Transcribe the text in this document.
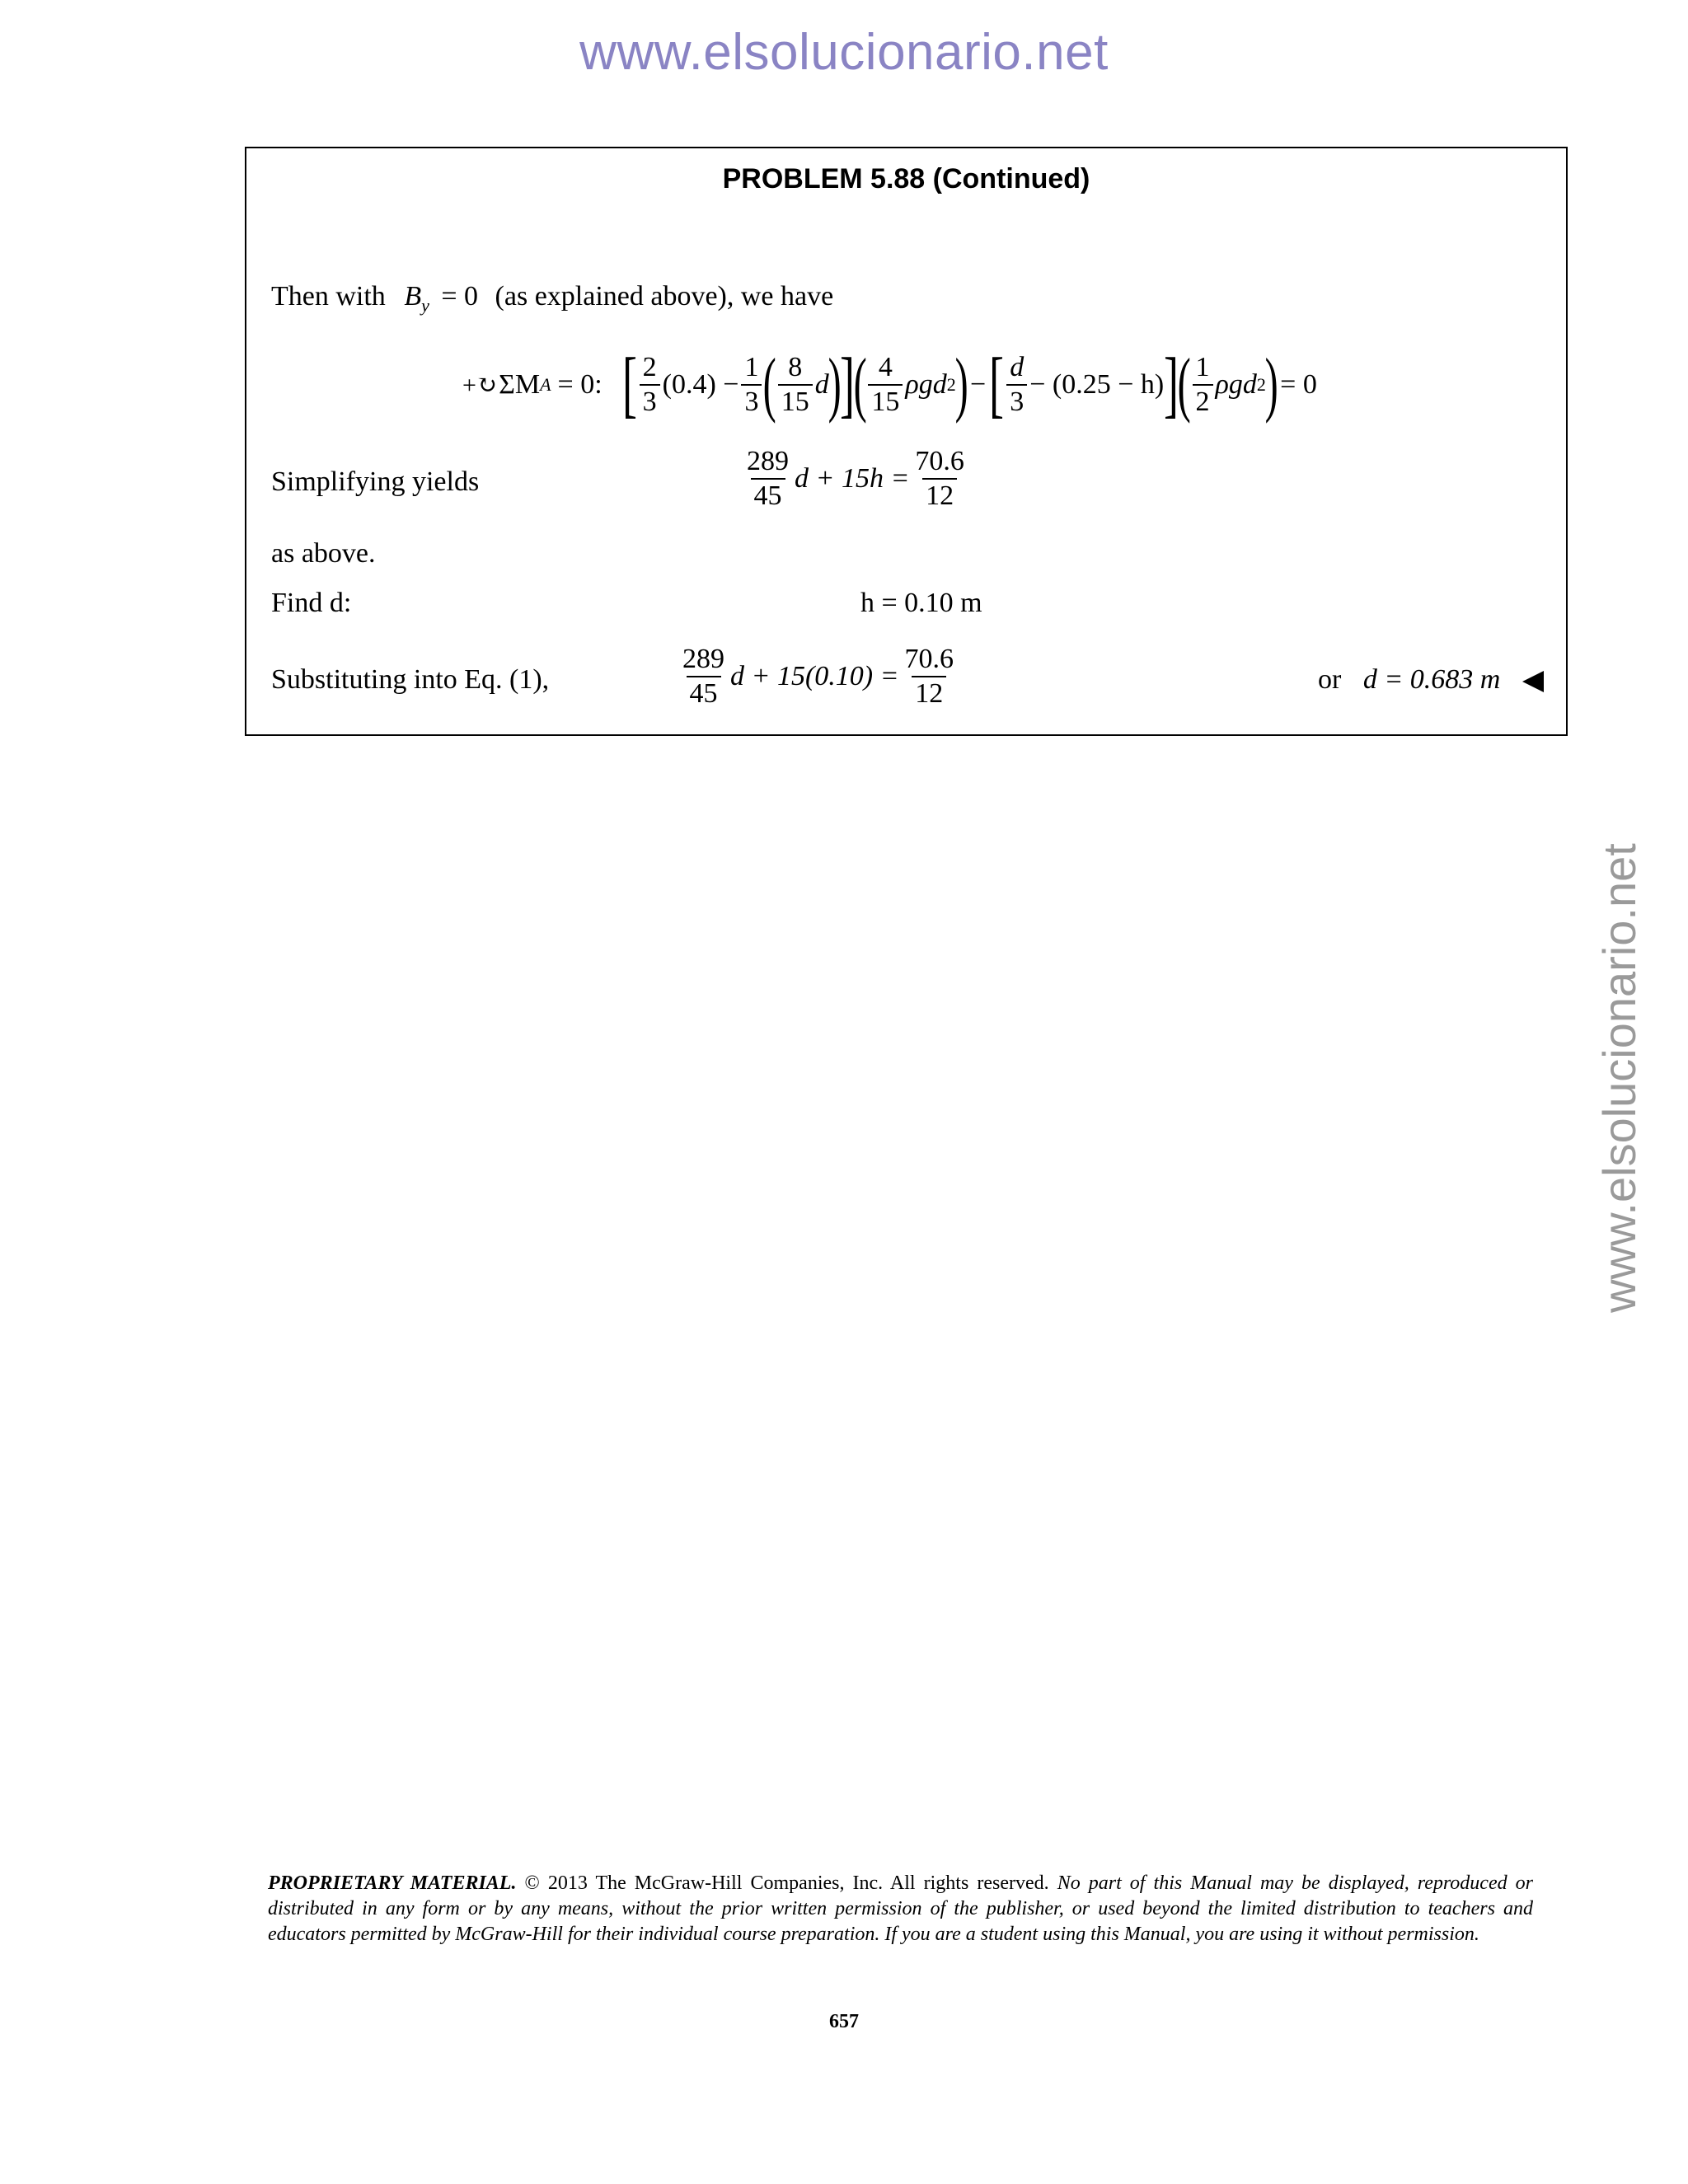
www.elsolucionario.net
www.elsolucionario.net
PROBLEM 5.88 (Continued)
Then with $B_y = 0$ (as explained above), we have
+↻ ΣM A = 0: [ $\frac{2}{3} (0.4) - \frac{1}{3}$ ( $\frac{8}{15}$ d
)
]
( $\frac{4}{15}$ ρgd 2
) − [ $\frac{d}{3} - (0.25 - h)$ ]
( $\frac{1}{2}$ ρgd 2
) = 0
Simplifying yields	$\frac{289}{45}$ $d + 15h = \frac{70.6}{12}$
as above.
Find d:	h = 0.10 m
Substituting into Eq. (1),	$\frac{289}{45}$ $d + 15(0.10) = \frac{70.6}{12}$	or d = 0.683 m
PROPRIETARY MATERIAL. © 2013 The McGraw-Hill Companies, Inc. All rights reserved. No part of this Manual may be displayed, reproduced or distributed in any form or by any means, without the prior written permission of the publisher, or used beyond the limited distribution to teachers and educators permitted by McGraw-Hill for their individual course preparation. If you are a student using this Manual, you are using it without permission.
657
